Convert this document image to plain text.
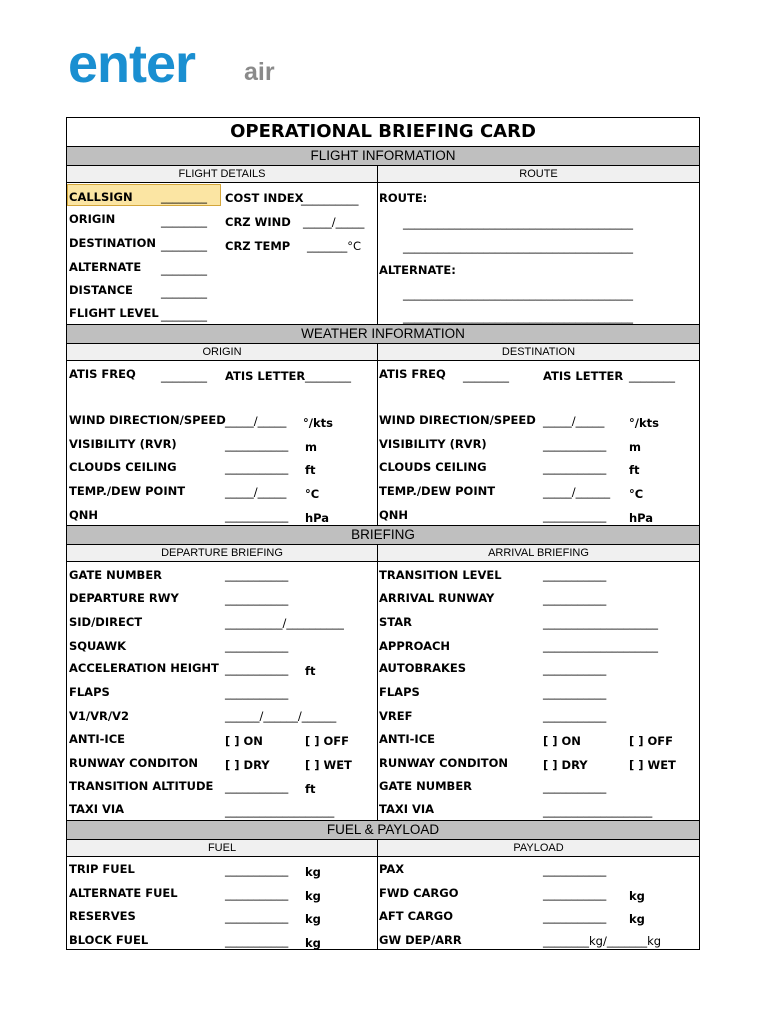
enter air
OPERATIONAL BRIEFING CARD
FLIGHT INFORMATION
FLIGHT DETAILS	ROUTE
CALLSIGN ________
ORIGIN	________
DESTINATION ________
ALTERNATE ________
DISTANCE ________
FLIGHT LEVEL ________
COST INDEX
__________
CRZ WIND _____/_____
CRZ TEMP _______°C
ROUTE:
________________________________________
________________________________________
ALTERNATE:
________________________________________
________________________________________
WEATHER INFORMATION
ORIGIN	DESTINATION
ATIS FREQ ________ ATIS LETTER ________
WIND DIRECTION/SPEED _____/_____ °/kts
VISIBILITY (RVR)	___________ m
CLOUDS CEILING	___________ ft
TEMP./DEW POINT	_____/_____ °C
QNH	___________ hPa
ATIS FREQ ________	ATIS LETTER ________
WIND DIRECTION/SPEED _____/_____ °/kts
VISIBILITY (RVR)	___________ m
CLOUDS CEILING	___________ ft
TEMP./DEW POINT	_____/______ °C
QNH	___________ hPa
BRIEFING
DEPARTURE BRIEFING	ARRIVAL BRIEFING
GATE NUMBER	___________
DEPARTURE RWY	___________
SID/DIRECT	__________/__________
SQUAWK	___________
ACCELERATION HEIGHT ___________ ft
FLAPS	___________
V1/VR/V2	______/______/______
ANTI-ICE	[ ] ON	[ ] OFF
RUNWAY CONDITON [ ] DRY	[ ] WET
TRANSITION ALTITUDE ___________ ft
TAXI VIA	___________________
TRANSITION LEVEL	___________
ARRIVAL RUNWAY	___________
STAR	____________________
APPROACH	____________________
AUTOBRAKES	___________
FLAPS	___________
VREF	___________
ANTI-ICE	[ ] ON	[ ] OFF
RUNWAY CONDITON	[ ] DRY	[ ] WET
GATE NUMBER	___________
TAXI VIA	___________________
FUEL & PAYLOAD
FUEL	PAYLOAD
TRIP FUEL	___________ kg
ALTERNATE FUEL	___________ kg
RESERVES	___________ kg
BLOCK FUEL	___________ kg
PAX	___________
FWD CARGO	___________ kg
AFT CARGO	___________ kg
GW DEP/ARR	________kg/_______kg
